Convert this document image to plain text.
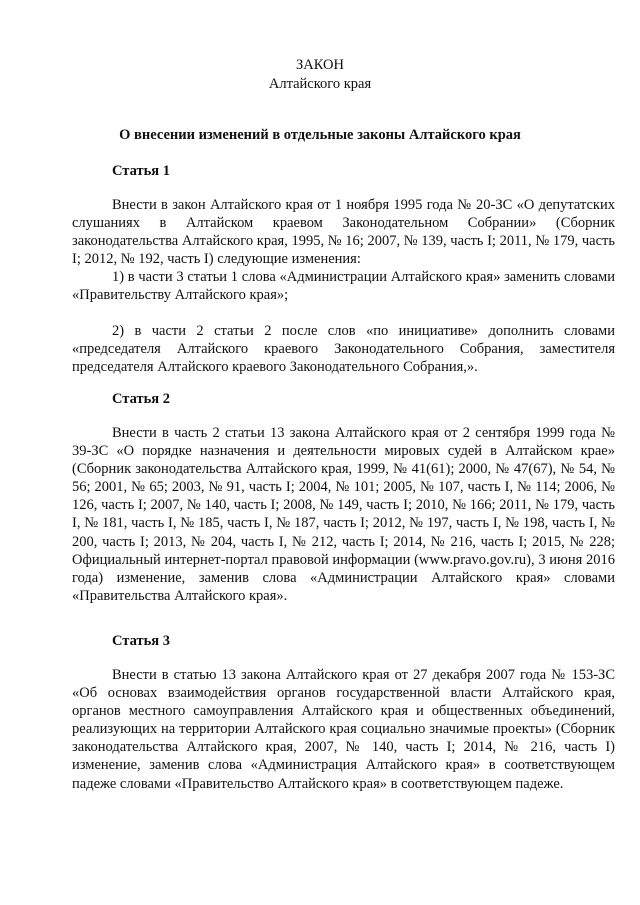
ЗАКОН
Алтайского края
О внесении изменений в отдельные законы Алтайского края
Статья 1
Внести в закон Алтайского края от 1 ноября 1995 года № 20-ЗС «О депутатских слушаниях в Алтайском краевом Законодательном Собрании» (Сборник законодательства Алтайского края, 1995, № 16; 2007, № 139, часть I; 2011, № 179, часть I; 2012, № 192, часть I) следующие изменения:
1) в части 3 статьи 1 слова «Администрации Алтайского края» заменить словами «Правительству Алтайского края»;
2) в части 2 статьи 2 после слов «по инициативе» дополнить словами «председателя Алтайского краевого Законодательного Собрания, заместителя председателя Алтайского краевого Законодательного Собрания,».
Статья 2
Внести в часть 2 статьи 13 закона Алтайского края от 2 сентября 1999 года № 39-ЗС «О порядке назначения и деятельности мировых судей в Алтайском крае» (Сборник законодательства Алтайского края, 1999, № 41(61); 2000, № 47(67), № 54, № 56; 2001, № 65; 2003, № 91, часть I; 2004, № 101; 2005, № 107, часть I, № 114; 2006, № 126, часть I; 2007, № 140, часть I; 2008, № 149, часть I; 2010, № 166; 2011, № 179, часть I, № 181, часть I, № 185, часть I, № 187, часть I; 2012, № 197, часть I, № 198, часть I, № 200, часть I; 2013, № 204, часть I, № 212, часть I; 2014, № 216, часть I; 2015, № 228; Официальный интернет-портал правовой информации (www.pravo.gov.ru), 3 июня 2016 года) изменение, заменив слова «Администрации Алтайского края» словами «Правительства Алтайского края».
Статья 3
Внести в статью 13 закона Алтайского края от 27 декабря 2007 года № 153-ЗС «Об основах взаимодействия органов государственной власти Алтайского края, органов местного самоуправления Алтайского края и общественных объединений, реализующих на территории Алтайского края социально значимые проекты» (Сборник законодательства Алтайского края, 2007, № 140, часть I; 2014, № 216, часть I) изменение, заменив слова «Администрация Алтайского края» в соответствующем падеже словами «Правительство Алтайского края» в соответствующем падеже.
